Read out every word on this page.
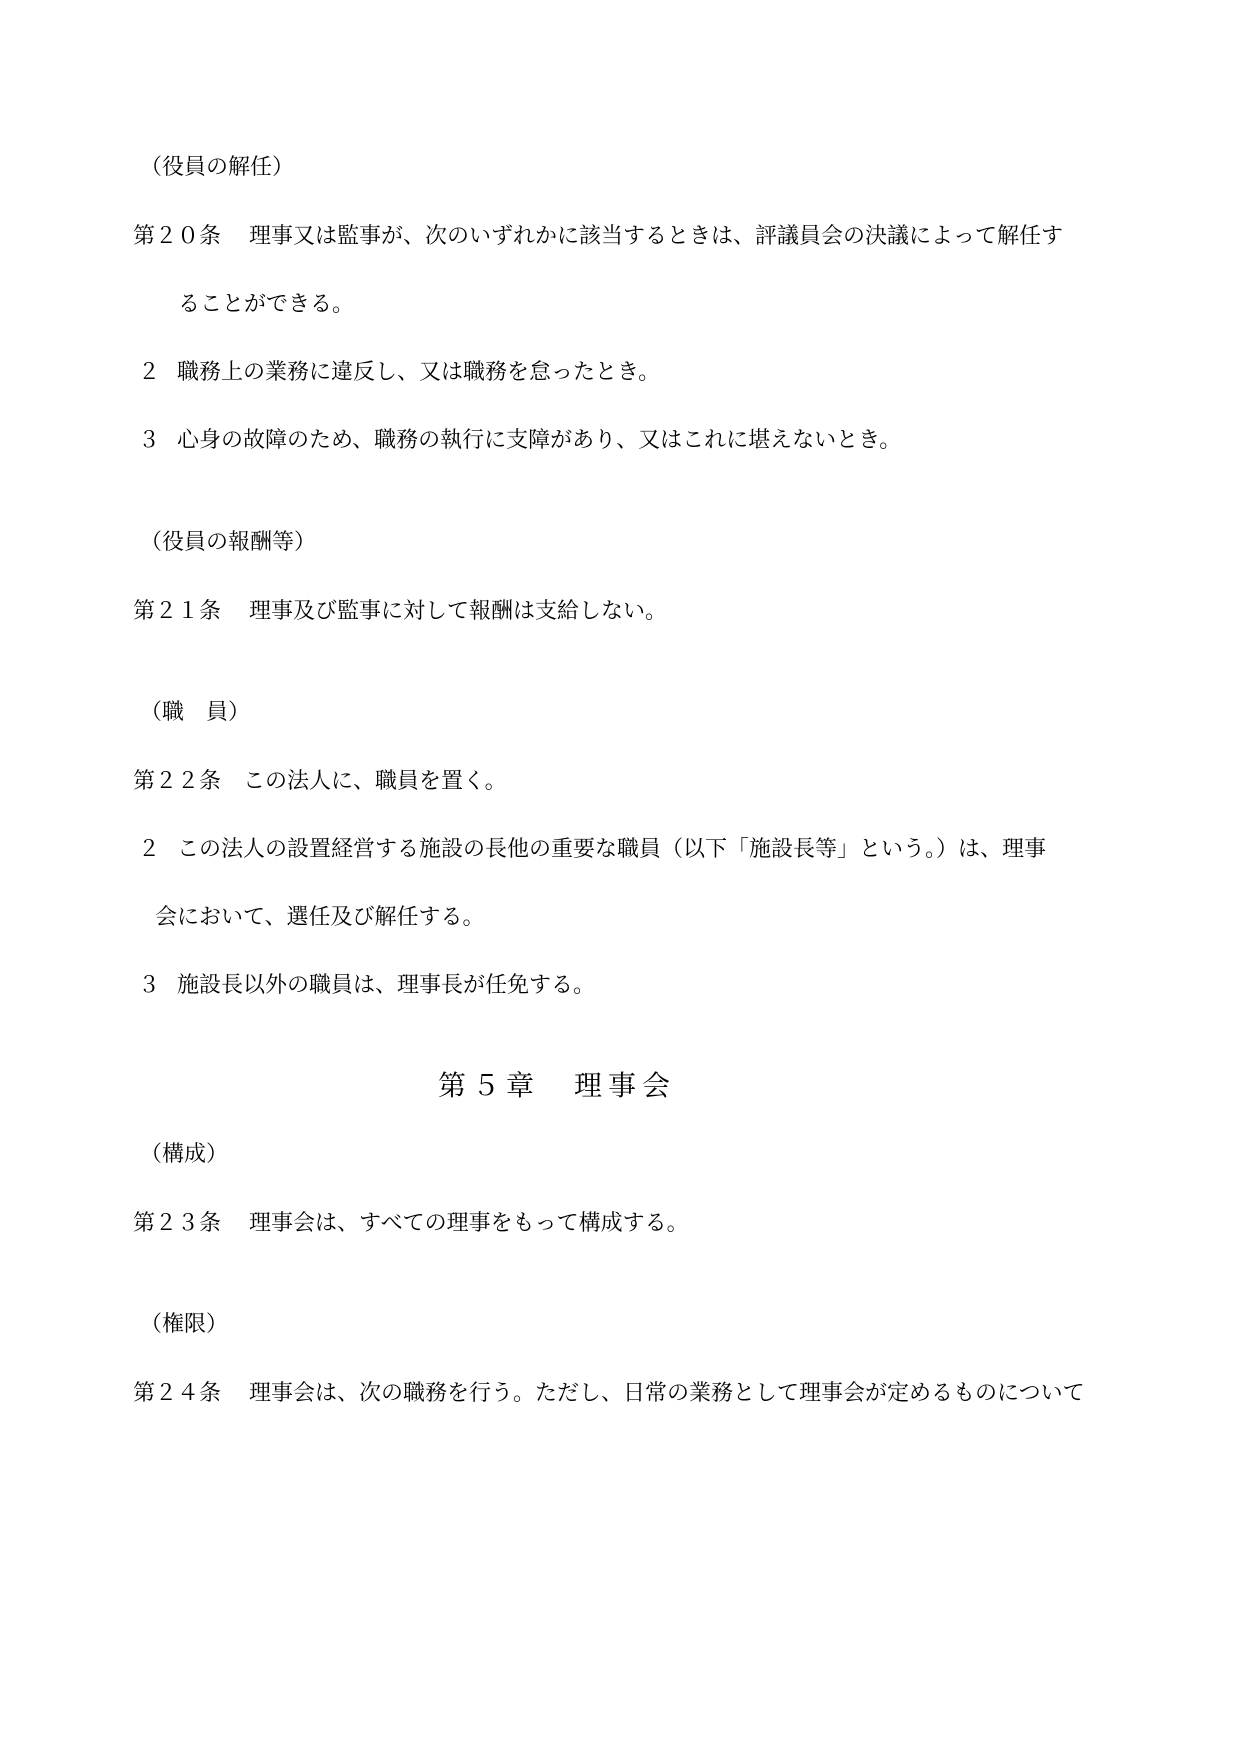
（役員の解任）
第２０条 理事又は監事が、次のいずれかに該当するときは、評議員会の決議によって解任す
ることができる。
２ 職務上の業務に違反し、又は職務を怠ったとき。
３ 心身の故障のため、職務の執行に支障があり、又はこれに堪えないとき。
（役員の報酬等）
第２１条 理事及び監事に対して報酬は支給しない。
（職　員）
第２２条 この法人に、職員を置く。
２ この法人の設置経営する施設の長他の重要な職員（以下「施設長等」という。）は、理事
会において、選任及び解任する。
３ 施設長以外の職員は、理事長が任免する。
第５章　理事会
（構成）
第２３条 理事会は、すべての理事をもって構成する。
（権限）
第２４条 理事会は、次の職務を行う。ただし、日常の業務として理事会が定めるものについて
